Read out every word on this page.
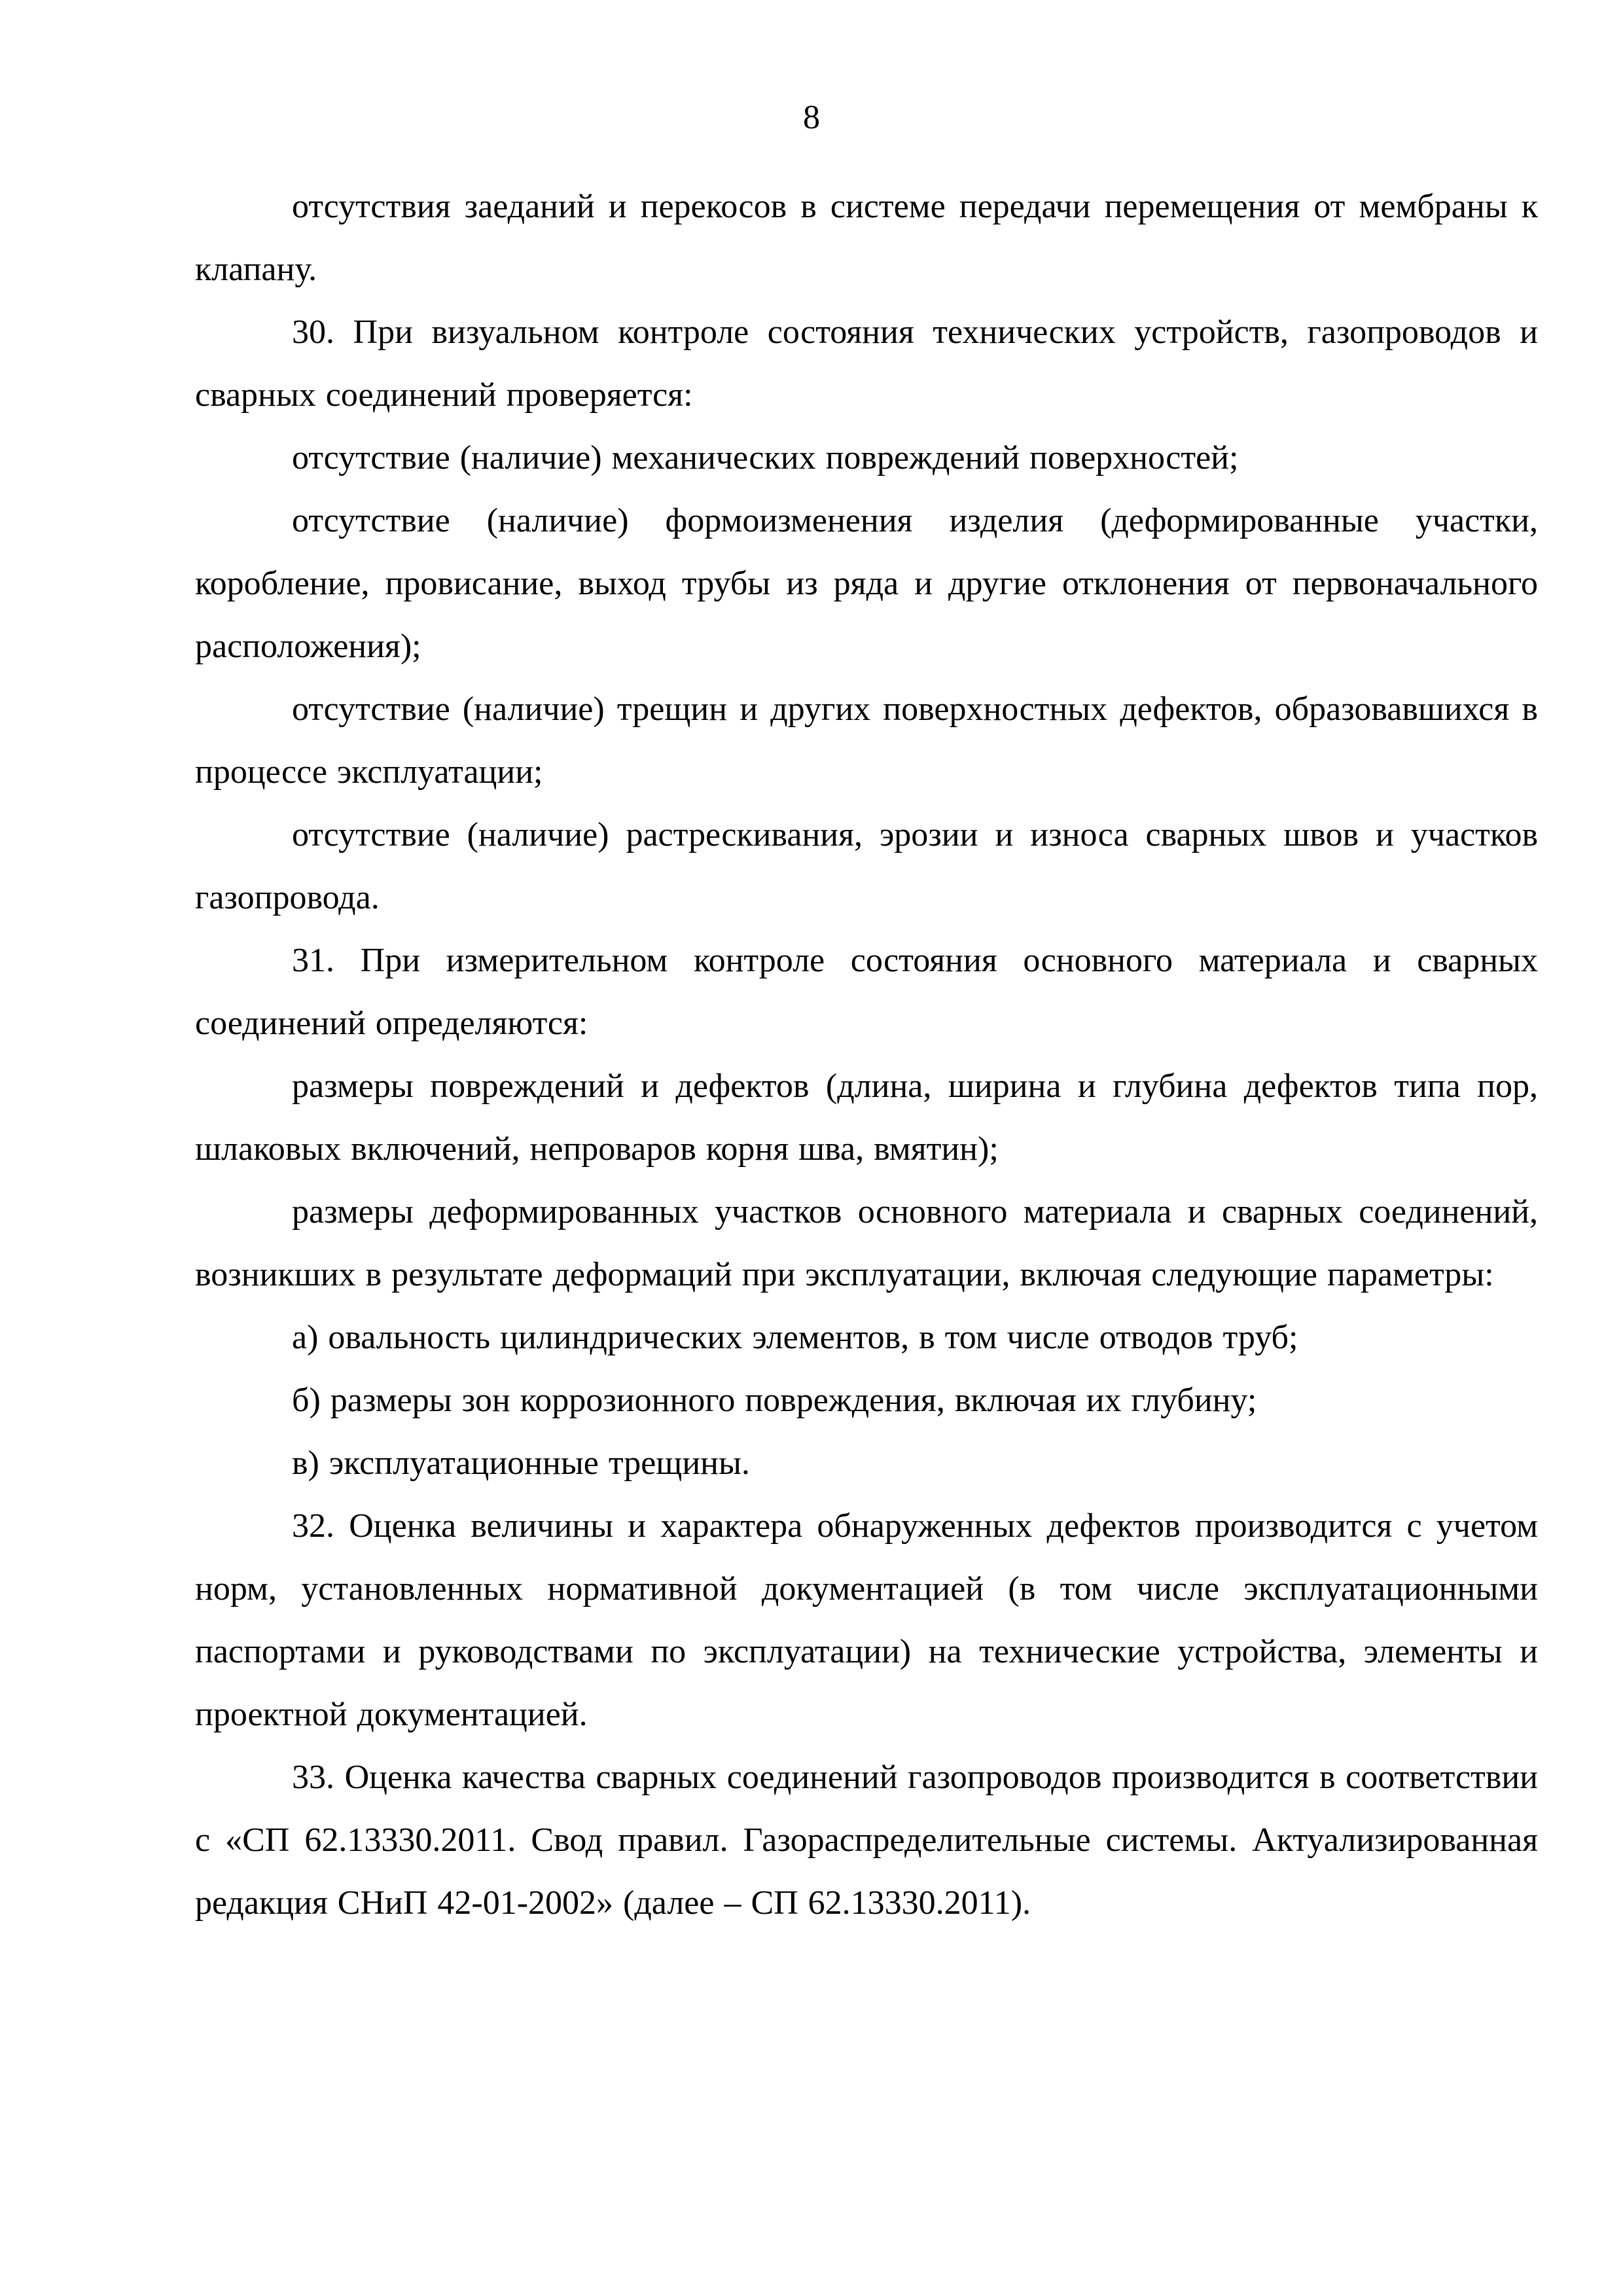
8

отсутствия заеданий и перекосов в системе передачи перемещения от мембраны к клапану.

30. При визуальном контроле состояния технических устройств, газопроводов и сварных соединений проверяется:

отсутствие (наличие) механических повреждений поверхностей;

отсутствие (наличие) формоизменения изделия (деформированные участки, коробление, провисание, выход трубы из ряда и другие отклонения от первоначального расположения);

отсутствие (наличие) трещин и других поверхностных дефектов, образовавшихся в процессе эксплуатации;

отсутствие (наличие) растрескивания, эрозии и износа сварных швов и участков газопровода.

31. При измерительном контроле состояния основного материала и сварных соединений определяются:

размеры повреждений и дефектов (длина, ширина и глубина дефектов типа пор, шлаковых включений, непроваров корня шва, вмятин);

размеры деформированных участков основного материала и сварных соединений, возникших в результате деформаций при эксплуатации, включая следующие параметры:

а) овальность цилиндрических элементов, в том числе отводов труб;

б) размеры зон коррозионного повреждения, включая их глубину;

в) эксплуатационные трещины.

32. Оценка величины и характера обнаруженных дефектов производится с учетом норм, установленных нормативной документацией (в том числе эксплуатационными паспортами и руководствами по эксплуатации) на технические устройства, элементы и проектной документацией.

33. Оценка качества сварных соединений газопроводов производится в соответствии с «СП 62.13330.2011. Свод правил. Газораспределительные системы. Актуализированная редакция СНиП 42-01-2002» (далее – СП 62.13330.2011).
